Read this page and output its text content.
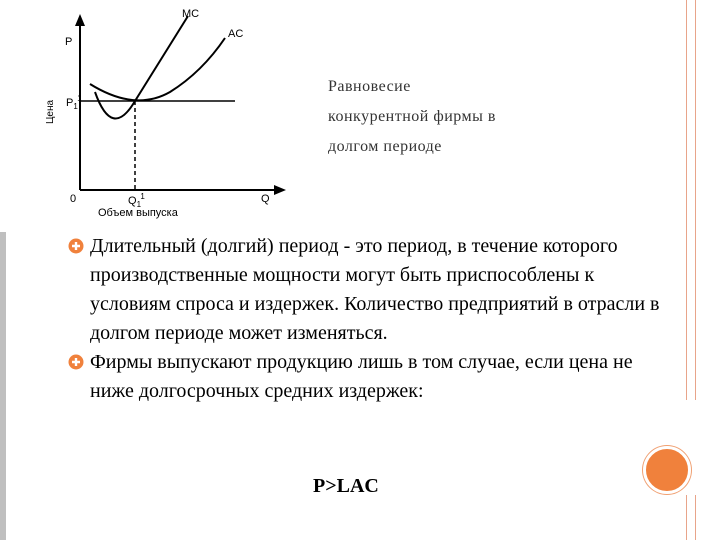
MC
AC
P
Цена $P_1^1$
0	$Q_1^1$	Q
Объем выпуска
Равновесие
конкурентной фирмы в
долгом периоде
Длительный (долгий) период - это период, в течение которого производственные мощности могут быть приспособлены к условиям спроса и издержек. Количество предприятий в отрасли в долгом периоде может изменяться.
Фирмы выпускают продукцию лишь в том случае, если цена не ниже долгосрочных средних издержек:
P>LAC
